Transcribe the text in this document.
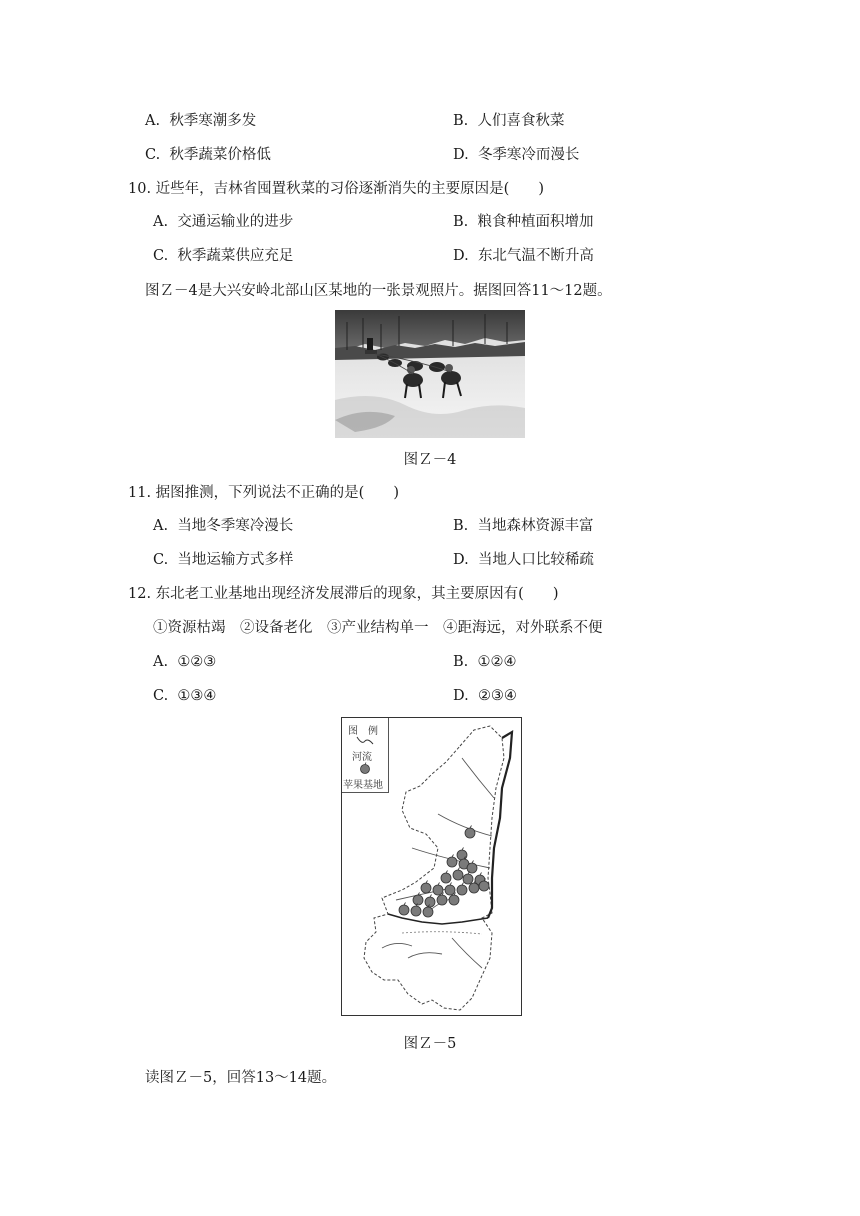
A. 秋季寒潮多发	B. 人们喜食秋菜
C. 秋季蔬菜价格低	D. 冬季寒冷而漫长
10. 近些年，吉林省囤置秋菜的习俗逐渐消失的主要原因是(　　)
A. 交通运输业的进步	B. 粮食种植面积增加
C. 秋季蔬菜供应充足	D. 东北气温不断升高
图Ｚ－4是大兴安岭北部山区某地的一张景观照片。据图回答11～12题。
图Ｚ－4
11. 据图推测，下列说法不正确的是(　　)
A. 当地冬季寒冷漫长	B. 当地森林资源丰富
C. 当地运输方式多样	D. 当地人口比较稀疏
12. 东北老工业基地出现经济发展滞后的现象，其主要原因有(　　)
①资源枯竭　②设备老化　③产业结构单一　④距海远，对外联系不便
A. ①②③	B. ①②④
C. ①③④	D. ②③④
图　例
河流
苹果基地
图Ｚ－5
读图Ｚ－5，回答13～14题。
